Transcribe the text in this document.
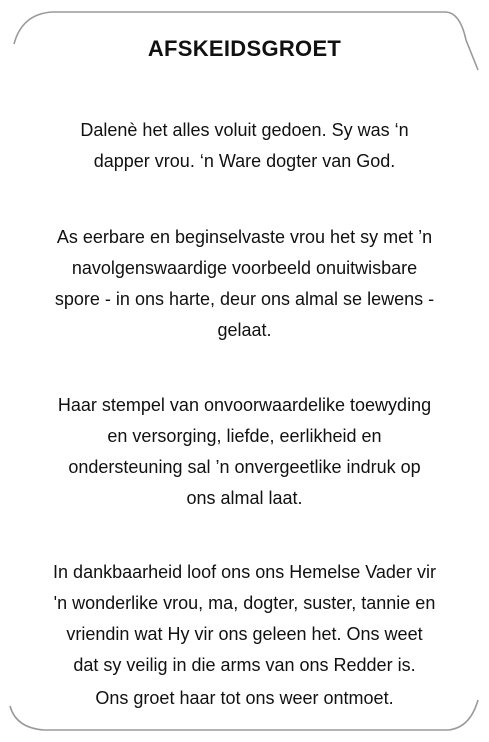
AFSKEIDSGROET
Dalenè het alles voluit gedoen. Sy was ‘n
dapper vrou. ‘n Ware dogter van God.
As eerbare en beginselvaste vrou het sy met ’n
navolgenswaardige voorbeeld onuitwisbare
spore - in ons harte, deur ons almal se lewens -
gelaat.
Haar stempel van onvoorwaardelike toewyding
en versorging, liefde, eerlikheid en
ondersteuning sal ’n onvergeetlike indruk op
ons almal laat.
In dankbaarheid loof ons ons Hemelse Vader vir
'n wonderlike vrou, ma, dogter, suster, tannie en
vriendin wat Hy vir ons geleen het. Ons weet
dat sy veilig in die arms van ons Redder is.
Ons groet haar tot ons weer ontmoet.
